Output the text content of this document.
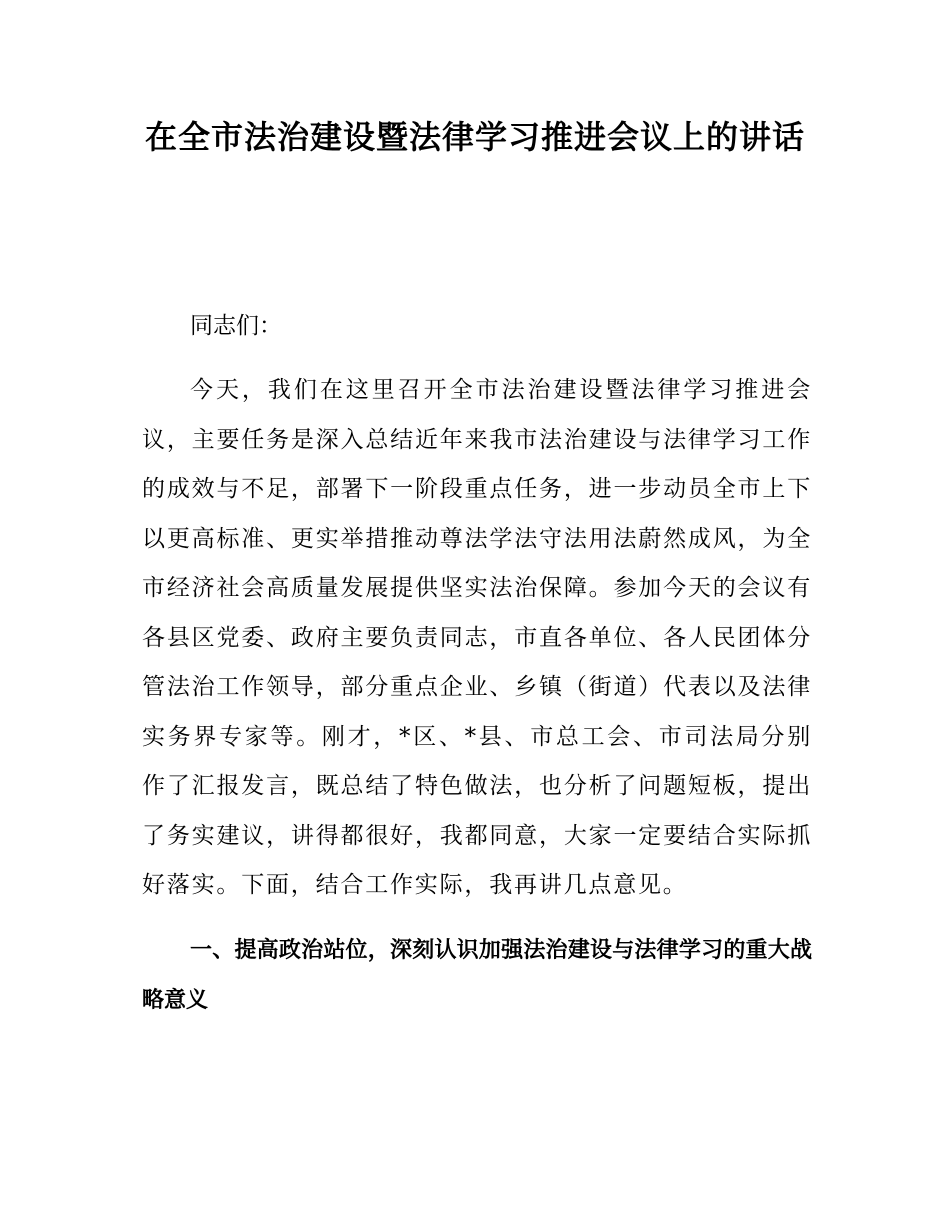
在全市法治建设暨法律学习推进会议上的讲话

同志们：

今天，我们在这里召开全市法治建设暨法律学习推进会议，主要任务是深入总结近年来我市法治建设与法律学习工作的成效与不足，部署下一阶段重点任务，进一步动员全市上下以更高标准、更实举措推动尊法学法守法用法蔚然成风，为全市经济社会高质量发展提供坚实法治保障。参加今天的会议有各县区党委、政府主要负责同志，市直各单位、各人民团体分管法治工作领导，部分重点企业、乡镇（街道）代表以及法律实务界专家等。刚才，*区、*县、市总工会、市司法局分别作了汇报发言，既总结了特色做法，也分析了问题短板，提出了务实建议，讲得都很好，我都同意，大家一定要结合实际抓好落实。下面，结合工作实际，我再讲几点意见。

一、提高政治站位，深刻认识加强法治建设与法律学习的重大战略意义
